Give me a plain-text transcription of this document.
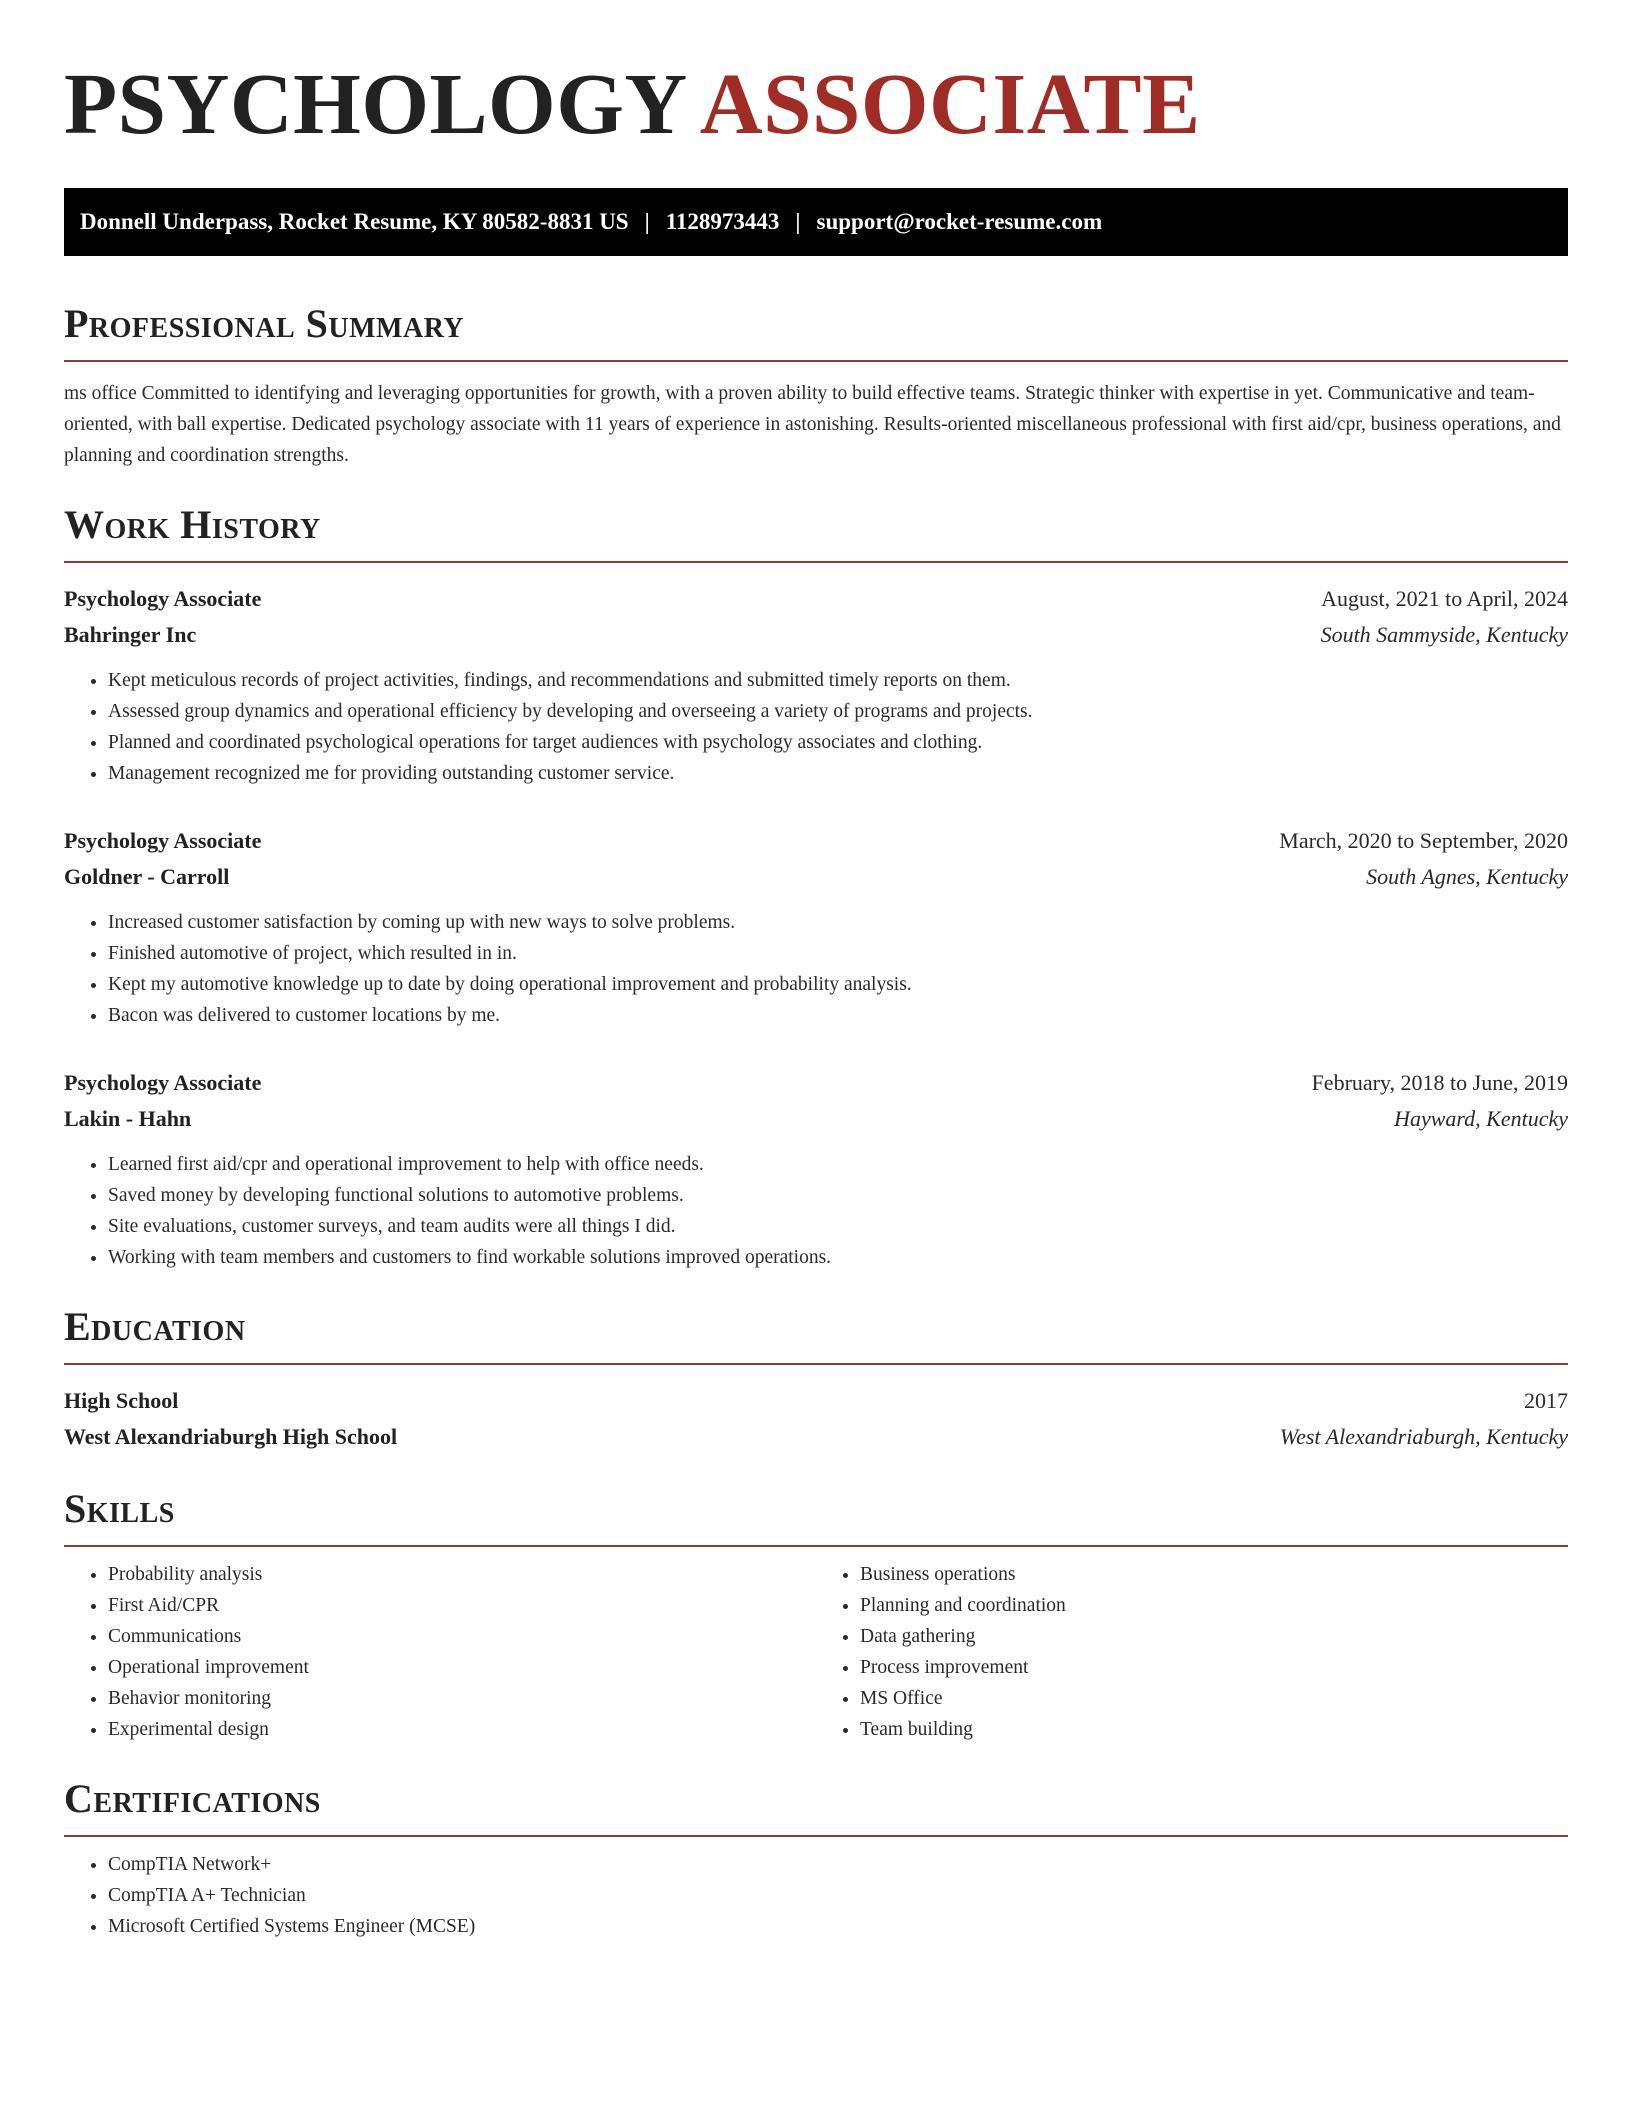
PSYCHOLOGY ASSOCIATE
Donnell Underpass, Rocket Resume, KY 80582-8831 US | 1128973443 | support@rocket-resume.com
Professional Summary

ms office Committed to identifying and leveraging opportunities for growth, with a proven ability to build effective teams. Strategic thinker with expertise in yet. Communicative and team-oriented, with ball expertise. Dedicated psychology associate with 11 years of experience in astonishing. Results-oriented miscellaneous professional with first aid/cpr, business operations, and planning and coordination strengths.

Work History
Psychology Associate	August, 2021 to April, 2024
Bahringer Inc	South Sammyside, Kentucky
• Kept meticulous records of project activities, findings, and recommendations and submitted timely reports on them.
• Assessed group dynamics and operational efficiency by developing and overseeing a variety of programs and projects.
• Planned and coordinated psychological operations for target audiences with psychology associates and clothing.
• Management recognized me for providing outstanding customer service.
Psychology Associate	March, 2020 to September, 2020
Goldner - Carroll	South Agnes, Kentucky
• Increased customer satisfaction by coming up with new ways to solve problems.
• Finished automotive of project, which resulted in in.
• Kept my automotive knowledge up to date by doing operational improvement and probability analysis.
• Bacon was delivered to customer locations by me.
Psychology Associate	February, 2018 to June, 2019
Lakin - Hahn	Hayward, Kentucky
• Learned first aid/cpr and operational improvement to help with office needs.
• Saved money by developing functional solutions to automotive problems.
• Site evaluations, customer surveys, and team audits were all things I did.
• Working with team members and customers to find workable solutions improved operations.
Education
High School	2017
West Alexandriaburgh High School	West Alexandriaburgh, Kentucky
Skills
• Probability analysis
• First Aid/CPR
• Communications
• Operational improvement
• Behavior monitoring
• Experimental design
• Business operations
• Planning and coordination
• Data gathering
• Process improvement
• MS Office
• Team building
Certifications
• CompTIA Network+
• CompTIA A+ Technician
• Microsoft Certified Systems Engineer (MCSE)
